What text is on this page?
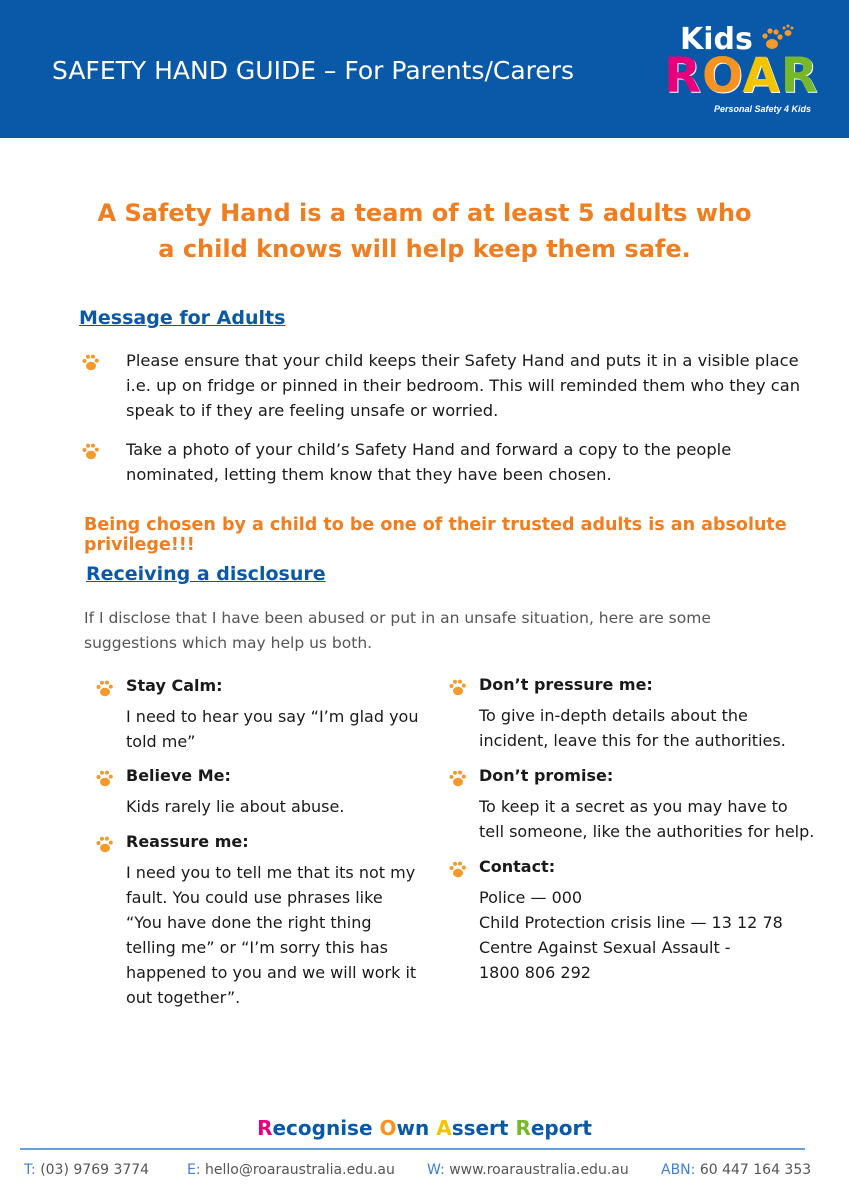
SAFETY HAND GUIDE – For Parents/Carers
Kids
ROAR
Personal Safety 4 Kids
A Safety Hand is a team of at least 5 adults who
a child knows will help keep them safe.
Message for Adults
Please ensure that your child keeps their Safety Hand and puts it in a visible place i.e. up on fridge or pinned in their bedroom. This will reminded them who they can speak to if they are feeling unsafe or worried.
Take a photo of your child’s Safety Hand and forward a copy to the people nominated, letting them know that they have been chosen.
Being chosen by a child to be one of their trusted adults is an absolute privilege!!!
Receiving a disclosure
If I disclose that I have been abused or put in an unsafe situation, here are some suggestions which may help us both.
Stay Calm:
I need to hear you say “I’m glad you
told me”
Believe Me:
Kids rarely lie about abuse.
Reassure me:
I need you to tell me that its not my
fault. You could use phrases like
“You have done the right thing
telling me” or “I’m sorry this has
happened to you and we will work it
out together”.
Don’t pressure me:
To give in-depth details about the
incident, leave this for the authorities.
Don’t promise:
To keep it a secret as you may have to
tell someone, like the authorities for help.
Contact:
Police — 000
Child Protection crisis line — 13 12 78
Centre Against Sexual Assault -
1800 806 292
Recognise Own Assert Report
T: (03) 9769 3774	E: hello@roaraustralia.edu.au W: www.roaraustralia.edu.au ABN: 60 447 164 353
